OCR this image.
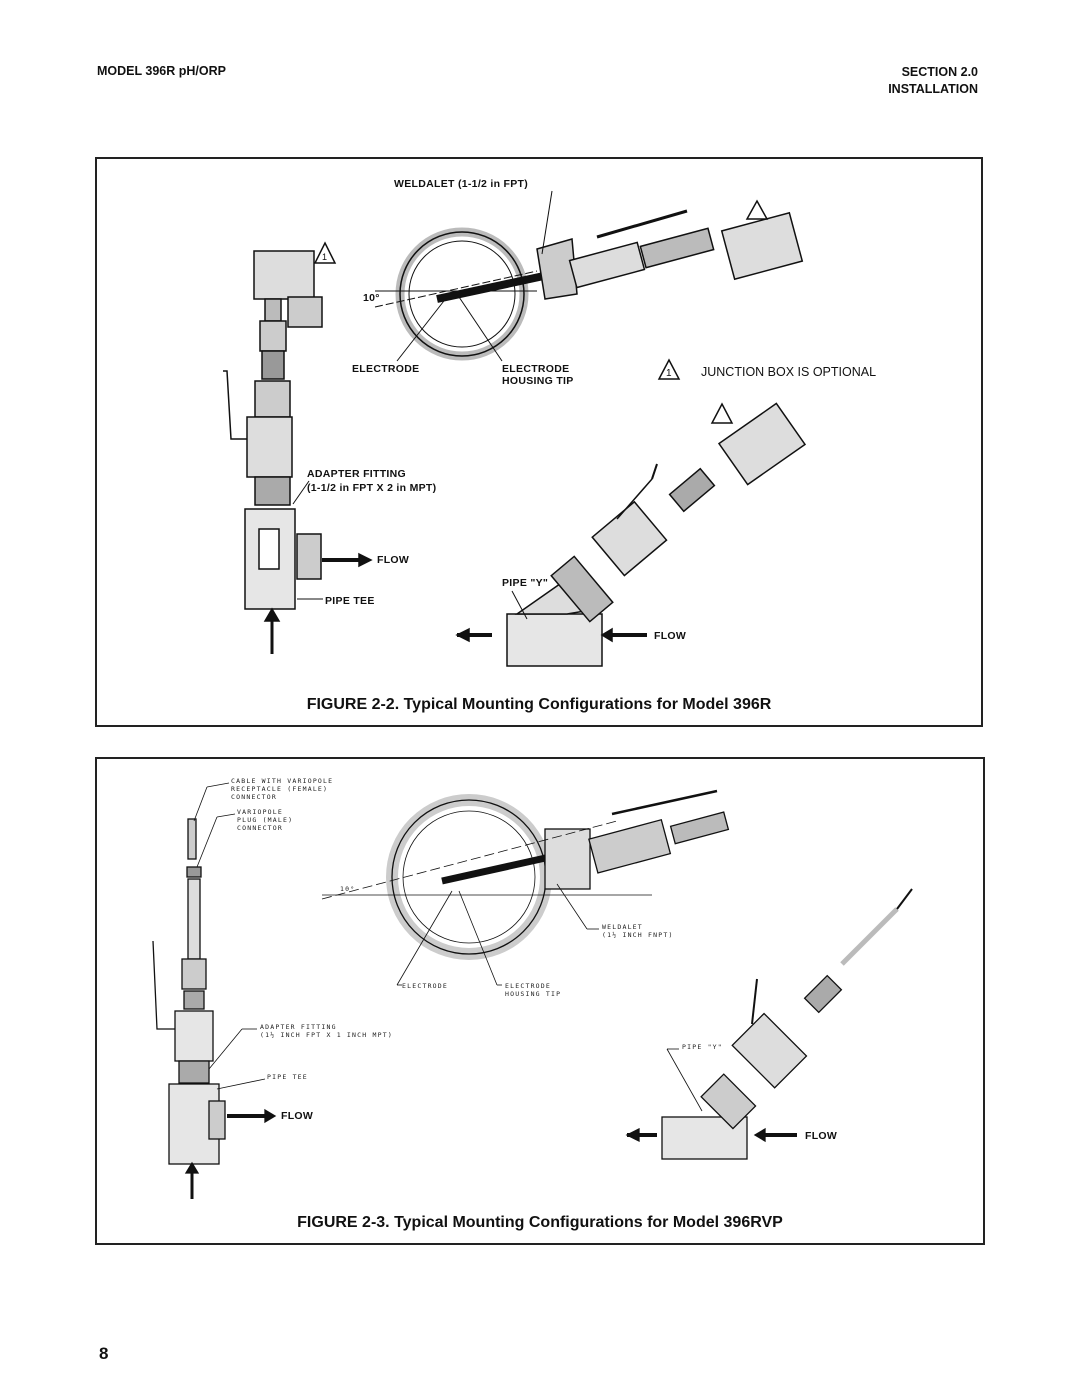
MODEL 396R pH/ORP	SECTION 2.0
INSTALLATION
1
FLOW
PIPE TEE
ADAPTER FITTING
(1-1/2 in FPT X 2 in MPT)
10°
WELDALET (1-1/2 in FPT)
ELECTRODE	ELECTRODE
HOUSING TIP
1 JUNCTION BOX IS OPTIONAL
PIPE "Y"
FLOW
FIGURE 2-2. Typical Mounting Configurations for Model 396R
CABLE WITH VARIOPOLE
RECEPTACLE (FEMALE)
CONNECTOR
VARIOPOLE
PLUG (MALE)
CONNECTOR
ADAPTER FITTING
(1½ INCH FPT X 1 INCH MPT)
PIPE TEE
FLOW
10°
WELDALET
(1½ INCH FNPT)
ELECTRODE	ELECTRODE
HOUSING TIP
PIPE "Y"
FLOW
FIGURE 2-3. Typical Mounting Configurations for Model 396RVP
8
